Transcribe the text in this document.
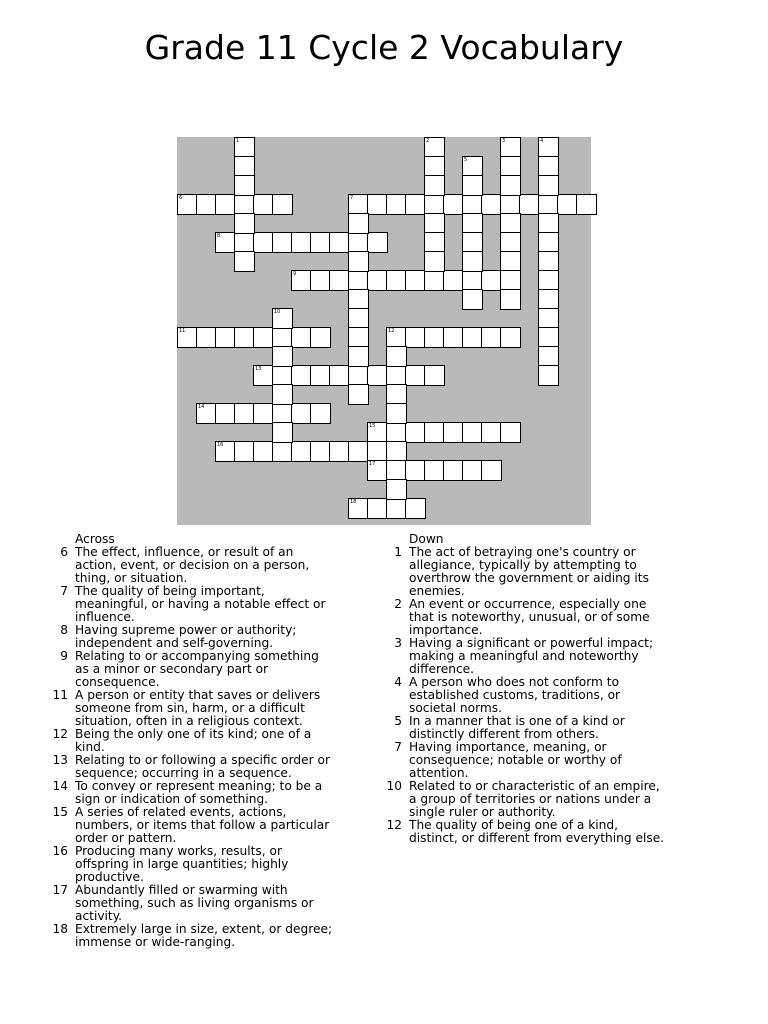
Grade 11 Cycle 2 Vocabulary
6	7
8
9
11	12
13
14
15
16
17
18
1	2	3	4
5
10
Across
6 The effect, influence, or result of an action, event, or decision on a person, thing, or situation.
7 The quality of being important, meaningful, or having a notable effect or influence.
8 Having supreme power or authority; independent and self-governing.
9 Relating to or accompanying something as a minor or secondary part or consequence.
11 A person or entity that saves or delivers someone from sin, harm, or a difficult situation, often in a religious context.
12 Being the only one of its kind; one of a kind.
13 Relating to or following a specific order or sequence; occurring in a sequence.
14 To convey or represent meaning; to be a sign or indication of something.
15 A series of related events, actions, numbers, or items that follow a particular order or pattern.
16 Producing many works, results, or offspring in large quantities; highly productive.
17 Abundantly filled or swarming with something, such as living organisms or activity.
18 Extremely large in size, extent, or degree; immense or wide-ranging.
Down
1 The act of betraying one's country or allegiance, typically by attempting to overthrow the government or aiding its enemies.
2 An event or occurrence, especially one that is noteworthy, unusual, or of some importance.
3 Having a significant or powerful impact; making a meaningful and noteworthy difference.
4 A person who does not conform to established customs, traditions, or societal norms.
5 In a manner that is one of a kind or distinctly different from others.
7 Having importance, meaning, or consequence; notable or worthy of attention.
10 Related to or characteristic of an empire, a group of territories or nations under a single ruler or authority.
12 The quality of being one of a kind, distinct, or different from everything else.
